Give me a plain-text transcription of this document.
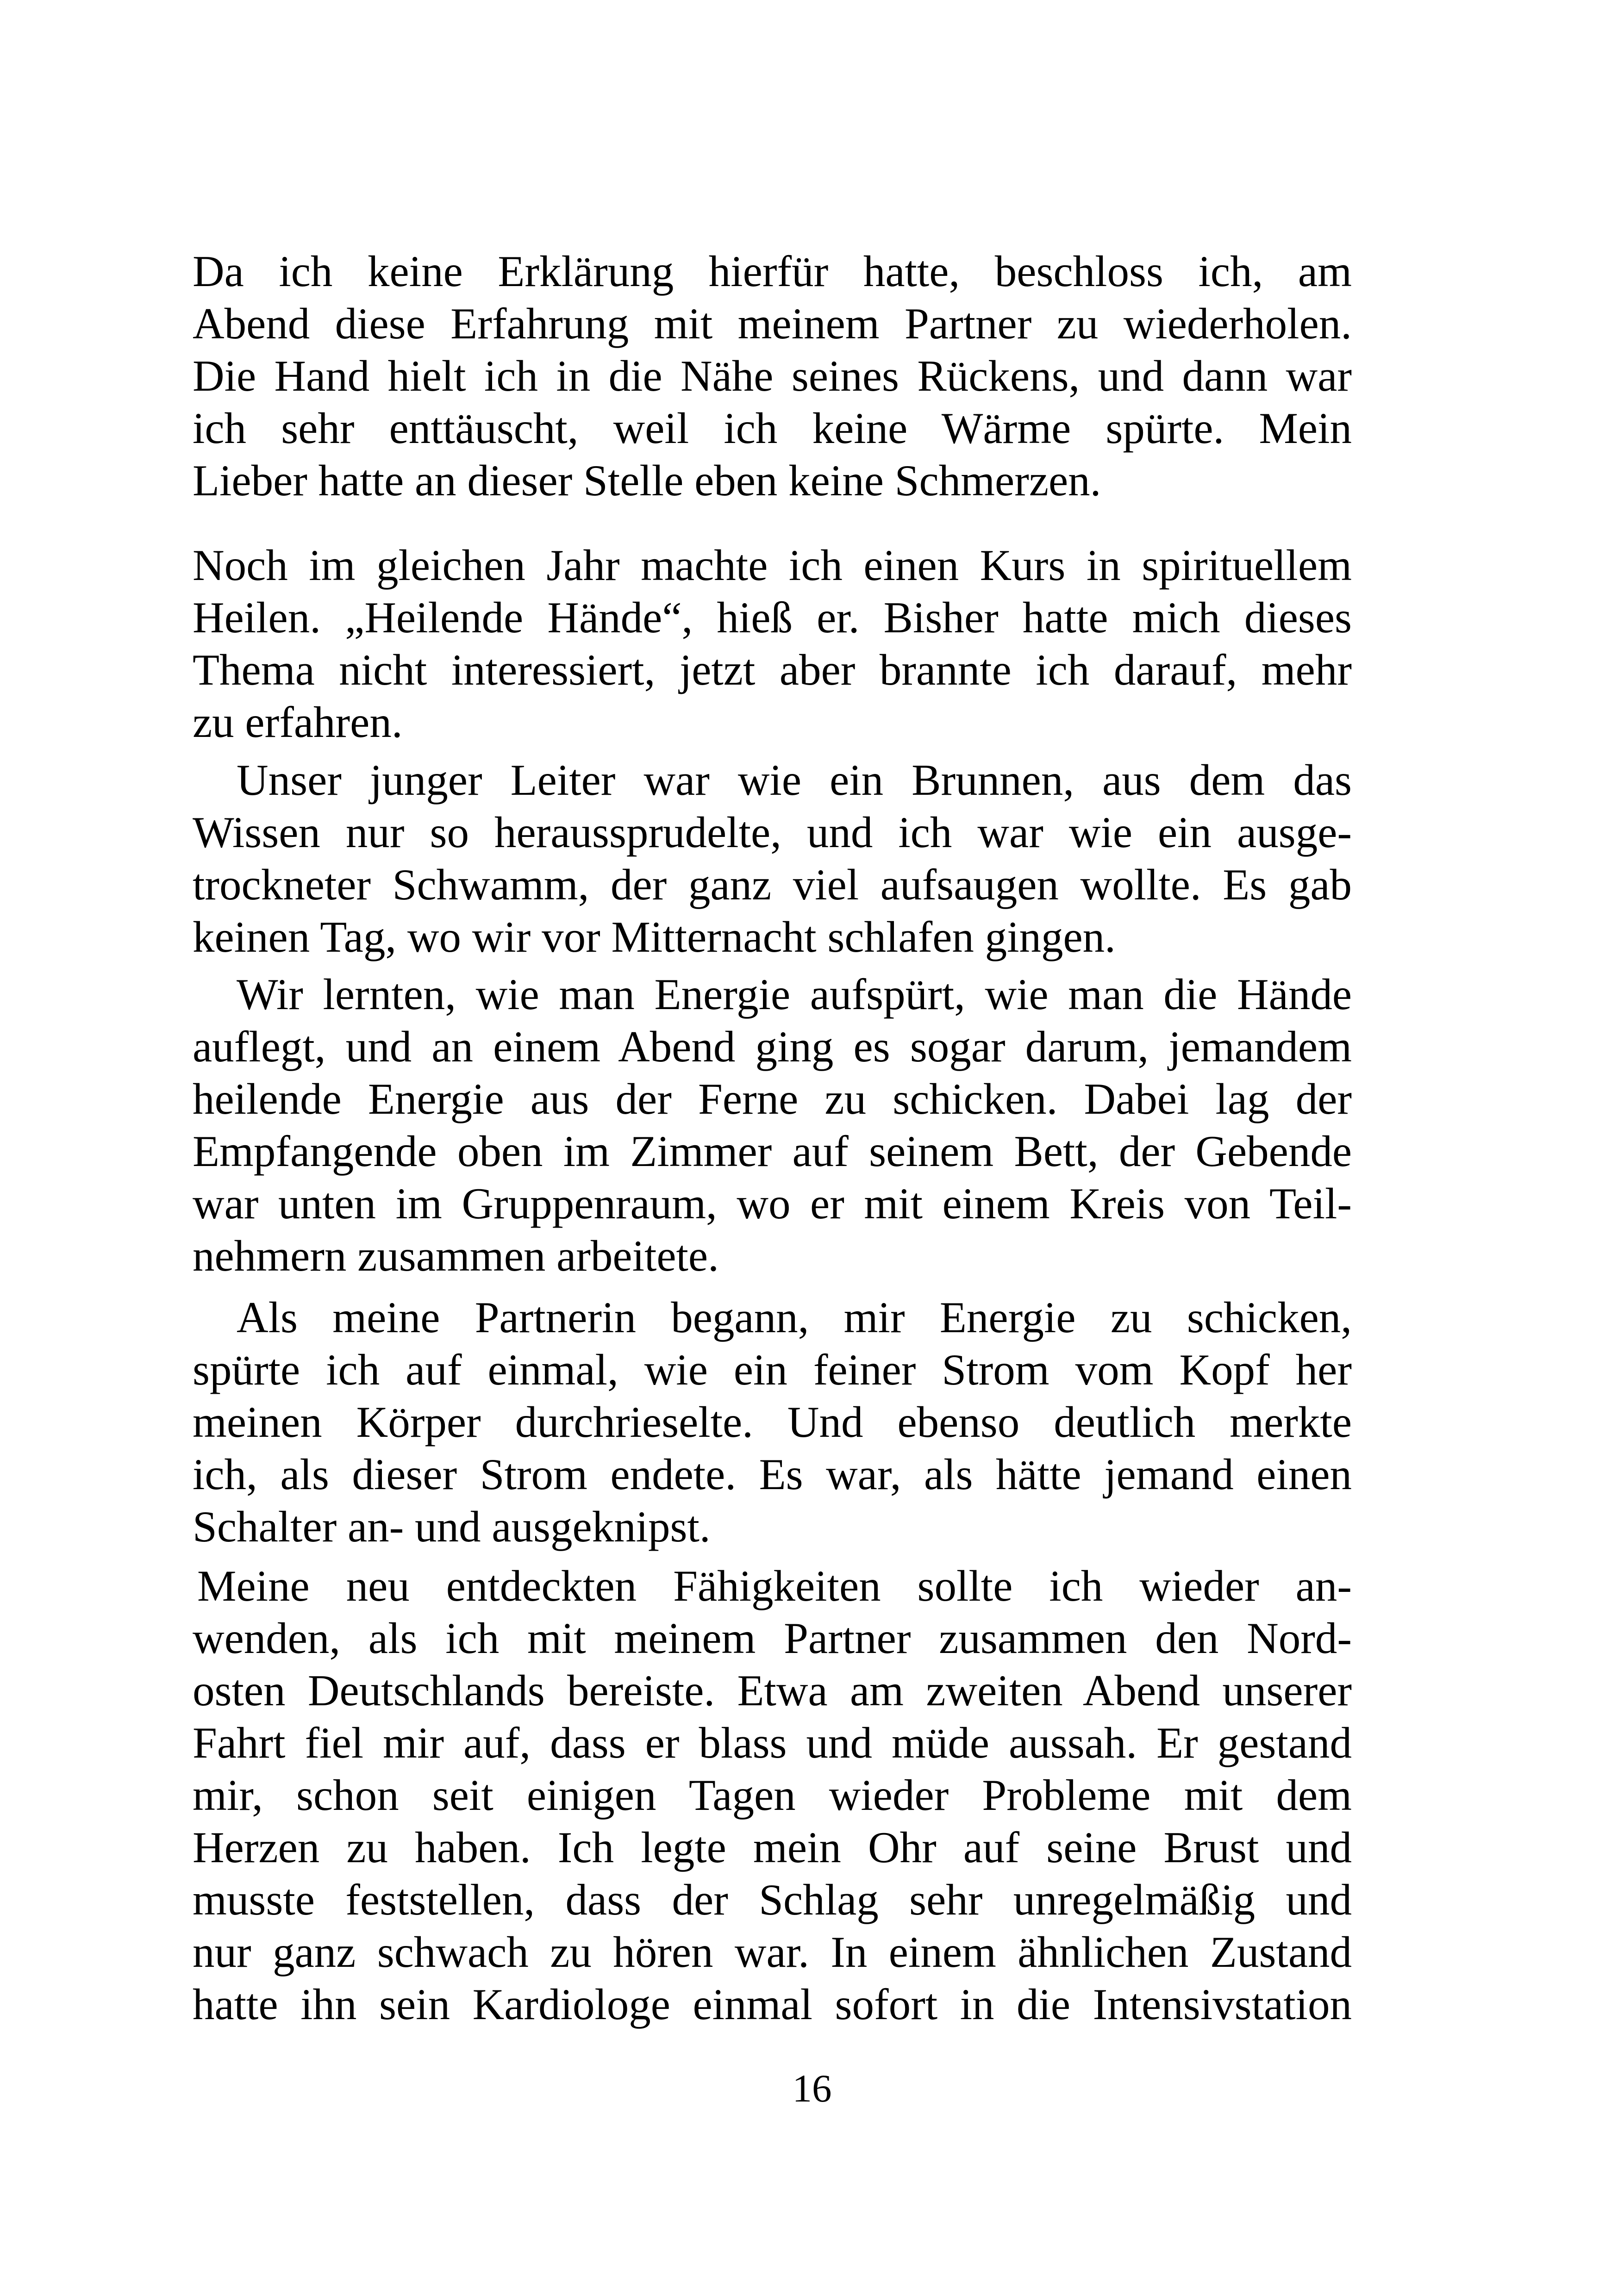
Da ich keine Erklärung hierfür hatte, beschloss ich, am
Abend diese Erfahrung mit meinem Partner zu wiederholen.
Die Hand hielt ich in die Nähe seines Rückens, und dann war
ich sehr enttäuscht, weil ich keine Wärme spürte. Mein
Lieber hatte an dieser Stelle eben keine Schmerzen.
Noch im gleichen Jahr machte ich einen Kurs in spirituellem
Heilen. „Heilende Hände“, hieß er. Bisher hatte mich dieses
Thema nicht interessiert, jetzt aber brannte ich darauf, mehr
zu erfahren.
Unser junger Leiter war wie ein Brunnen, aus dem das
Wissen nur so heraussprudelte, und ich war wie ein ausge-
trockneter Schwamm, der ganz viel aufsaugen wollte. Es gab
keinen Tag, wo wir vor Mitternacht schlafen gingen.
Wir lernten, wie man Energie aufspürt, wie man die Hände
auflegt, und an einem Abend ging es sogar darum, jemandem
heilende Energie aus der Ferne zu schicken. Dabei lag der
Empfangende oben im Zimmer auf seinem Bett, der Gebende
war unten im Gruppenraum, wo er mit einem Kreis von Teil-
nehmern zusammen arbeitete.
Als meine Partnerin begann, mir Energie zu schicken,
spürte ich auf einmal, wie ein feiner Strom vom Kopf her
meinen Körper durchrieselte. Und ebenso deutlich merkte
ich, als dieser Strom endete. Es war, als hätte jemand einen
Schalter an- und ausgeknipst.
Meine neu entdeckten Fähigkeiten sollte ich wieder an-
wenden, als ich mit meinem Partner zusammen den Nord-
osten Deutschlands bereiste. Etwa am zweiten Abend unserer
Fahrt fiel mir auf, dass er blass und müde aussah. Er gestand
mir, schon seit einigen Tagen wieder Probleme mit dem
Herzen zu haben. Ich legte mein Ohr auf seine Brust und
musste feststellen, dass der Schlag sehr unregelmäßig und
nur ganz schwach zu hören war. In einem ähnlichen Zustand
hatte ihn sein Kardiologe einmal sofort in die Intensivstation
16
